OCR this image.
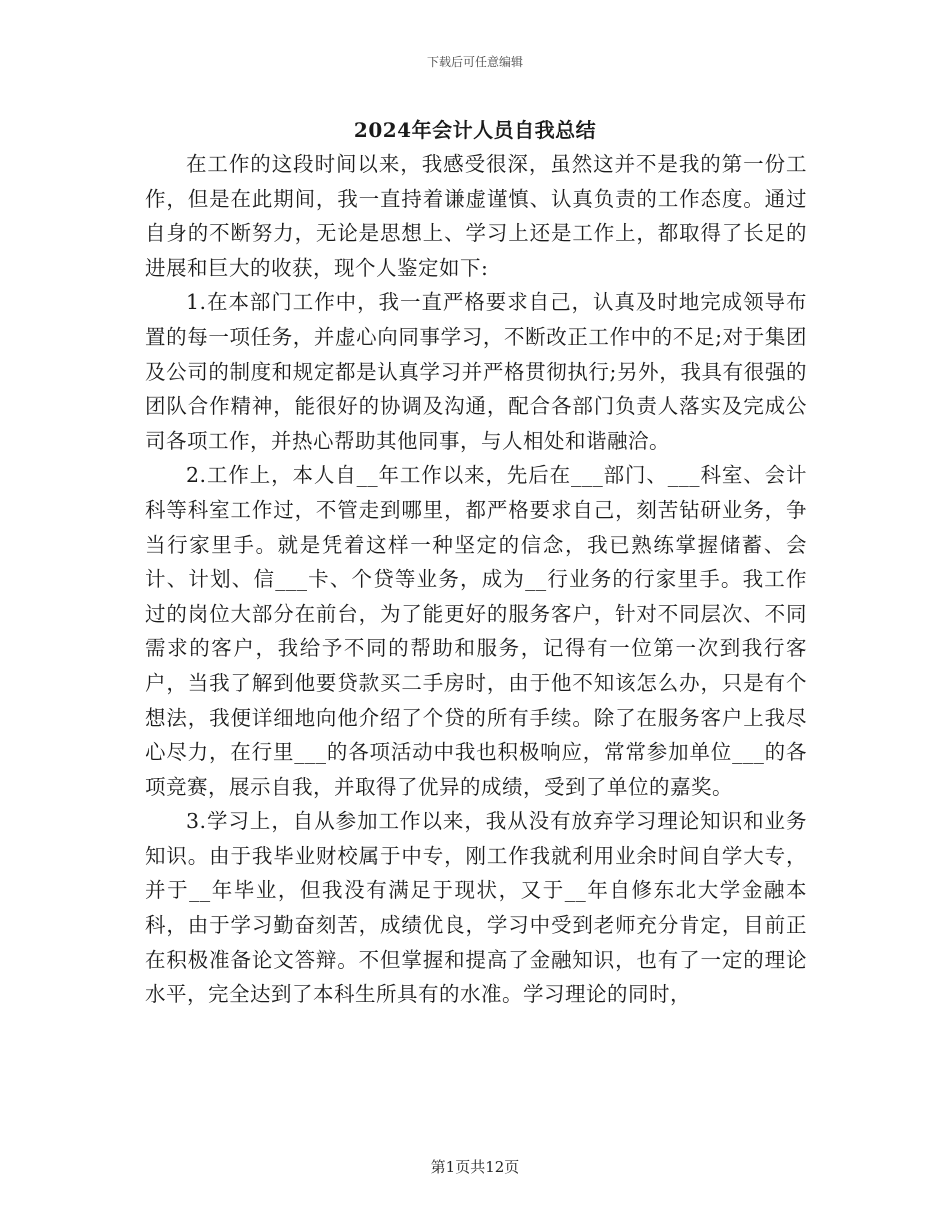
下载后可任意编辑
2024年会计人员自我总结

在工作的这段时间以来，我感受很深，虽然这并不是我的第一份工作，但是在此期间，我一直持着谦虚谨慎、认真负责的工作态度。通过自身的不断努力，无论是思想上、学习上还是工作上，都取得了长足的进展和巨大的收获，现个人鉴定如下:

1.在本部门工作中，我一直严格要求自己，认真及时地完成领导布置的每一项任务，并虚心向同事学习，不断改正工作中的不足;对于集团及公司的制度和规定都是认真学习并严格贯彻执行;另外，我具有很强的团队合作精神，能很好的协调及沟通，配合各部门负责人落实及完成公司各项工作，并热心帮助其他同事，与人相处和谐融洽。

2.工作上，本人自__年工作以来，先后在___部门、___科室、会计科等科室工作过，不管走到哪里，都严格要求自己，刻苦钻研业务，争当行家里手。就是凭着这样一种坚定的信念，我已熟练掌握储蓄、会计、计划、信___卡、个贷等业务，成为__行业务的行家里手。我工作过的岗位大部分在前台，为了能更好的服务客户，针对不同层次、不同需求的客户，我给予不同的帮助和服务，记得有一位第一次到我行客户，当我了解到他要贷款买二手房时，由于他不知该怎么办，只是有个想法，我便详细地向他介绍了个贷的所有手续。除了在服务客户上我尽心尽力，在行里___的各项活动中我也积极响应，常常参加单位___的各项竞赛，展示自我，并取得了优异的成绩，受到了单位的嘉奖。

3.学习上，自从参加工作以来，我从没有放弃学习理论知识和业务知识。由于我毕业财校属于中专，刚工作我就利用业余时间自学大专，并于__年毕业，但我没有满足于现状，又于__年自修东北大学金融本科，由于学习勤奋刻苦，成绩优良，学习中受到老师充分肯定，目前正在积极准备论文答辩。不但掌握和提高了金融知识，也有了一定的理论水平，完全达到了本科生所具有的水准。学习理论的同时，

第1页共12页
